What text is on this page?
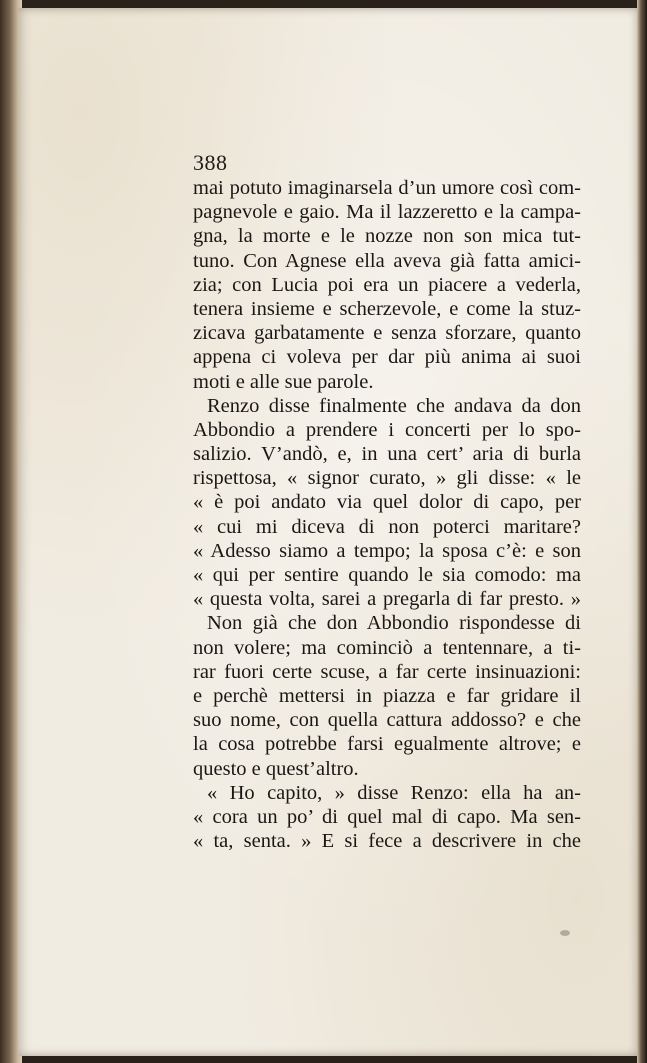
388
mai potuto imaginarsela d’un umore così com-
pagnevole e gaio. Ma il lazzeretto e la campa-
gna, la morte e le nozze non son mica tut-
tuno. Con Agnese ella aveva già fatta amici-
zia; con Lucia poi era un piacere a vederla,
tenera insieme e scherzevole, e come la stuz-
zicava garbatamente e senza sforzare, quanto
appena ci voleva per dar più anima ai suoi
moti e alle sue parole.
Renzo disse finalmente che andava da don
Abbondio a prendere i concerti per lo spo-
salizio. V’andò, e, in una cert’ aria di burla
rispettosa, « signor curato, » gli disse: « le
« è poi andato via quel dolor di capo, per
« cui mi diceva di non poterci maritare?
« Adesso siamo a tempo; la sposa c’è: e son
« qui per sentire quando le sia comodo: ma
« questa volta, sarei a pregarla di far presto. »
Non già che don Abbondio rispondesse di
non volere; ma cominciò a tentennare, a ti-
rar fuori certe scuse, a far certe insinuazioni:
e perchè mettersi in piazza e far gridare il
suo nome, con quella cattura addosso? e che
la cosa potrebbe farsi egualmente altrove; e
questo e quest’altro.
« Ho capito, » disse Renzo: ella ha an-
« cora un po’ di quel mal di capo. Ma sen-
« ta, senta. » E si fece a descrivere in che
